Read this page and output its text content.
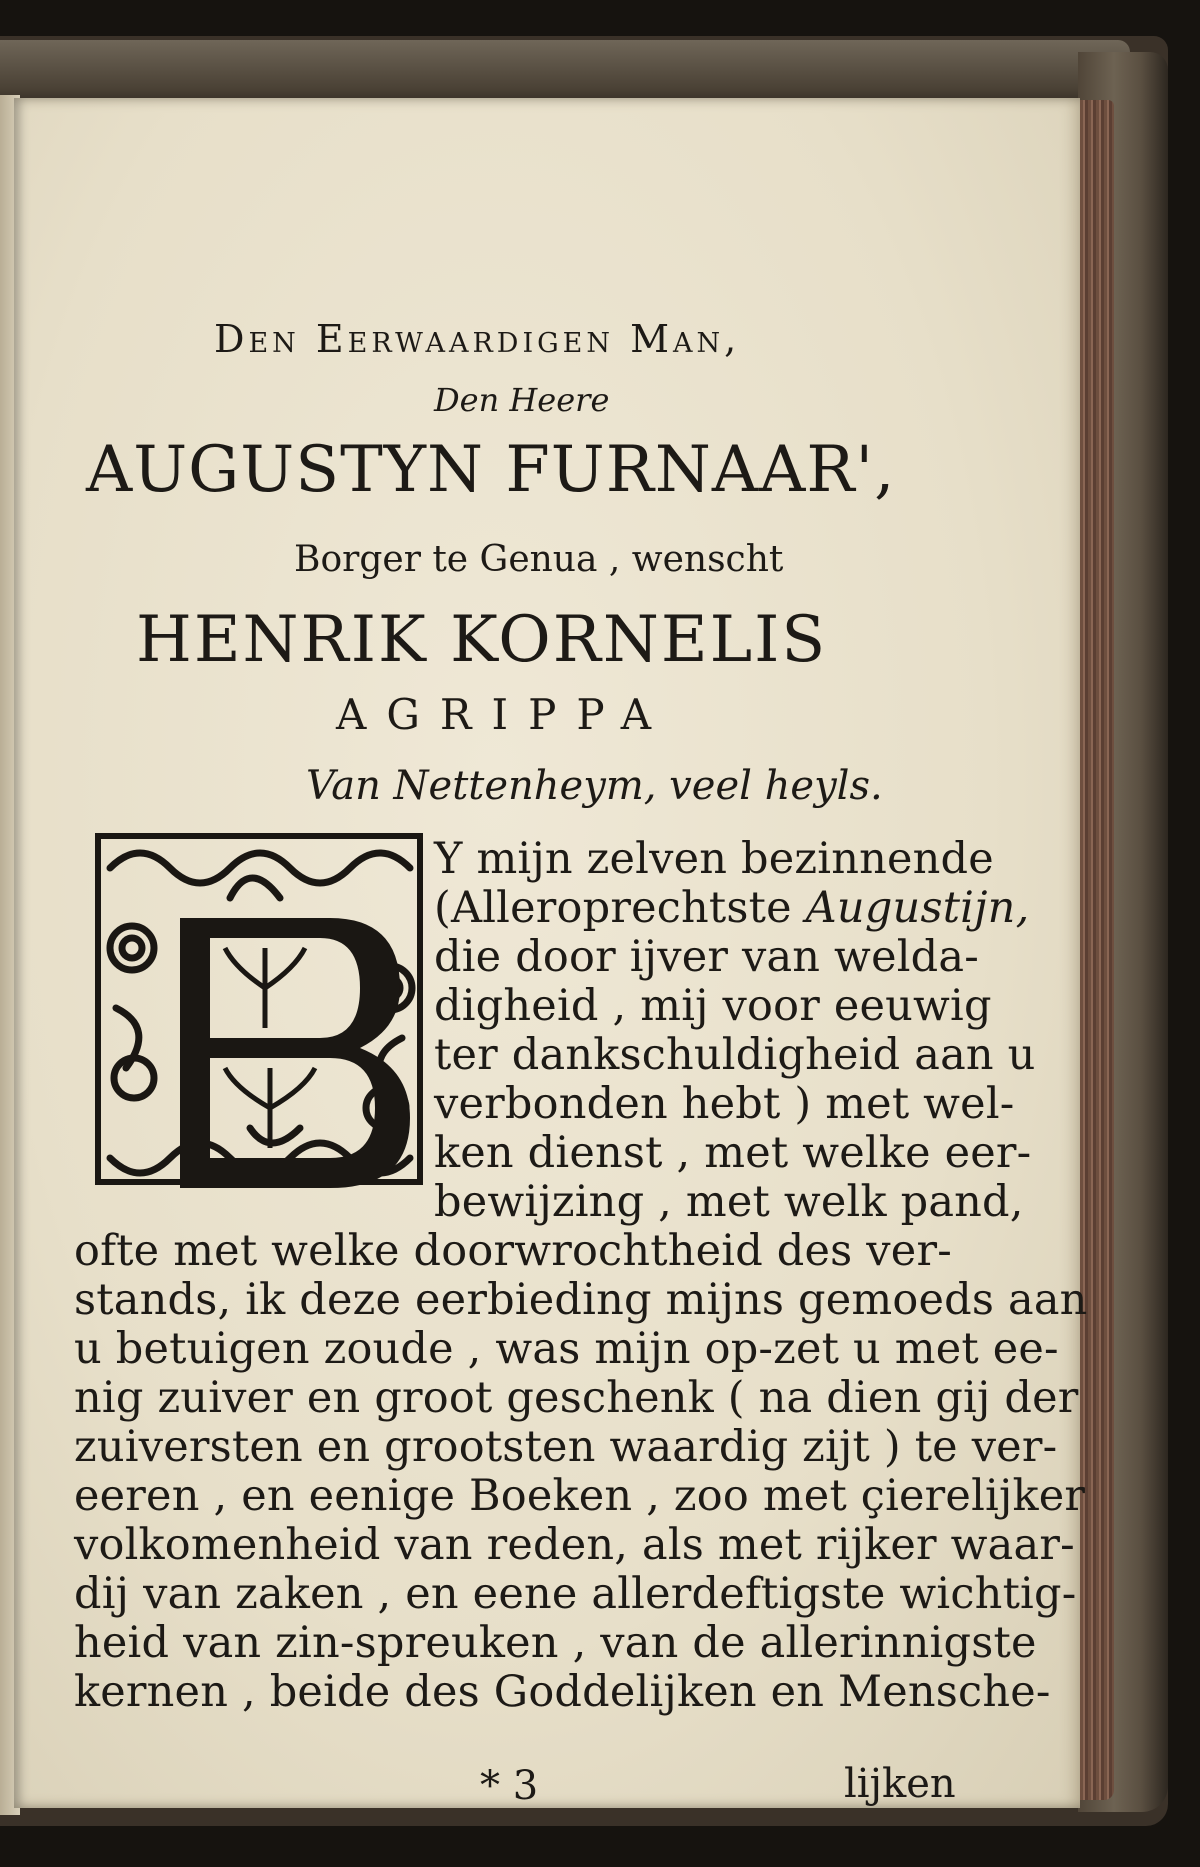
Den Eerwaardigen Man,
Den Heere
AUGUSTYN FURNAAR',
Borger te Genua , wenscht
HENRIK KORNELIS
AGRIPPA
Van Nettenheym, veel heyls.
Y mijn zelven bezinnende
(Alleroprechtste Augustijn,
die door ijver van welda-
digheid , mij voor eeuwig
ter dankschuldigheid aan u
verbonden hebt ) met wel-
ken dienst , met welke eer-
bewijzing , met welk pand,
ofte met welke doorwrochtheid des ver-
stands, ik deze eerbieding mijns gemoeds aan
u betuigen zoude , was mijn op-zet u met ee-
nig zuiver en groot geschenk ( na dien gij der
zuiversten en grootsten waardig zijt ) te ver-
eeren , en eenige Boeken , zoo met çierelijker
volkomenheid van reden, als met rijker waar-
dij van zaken , en eene allerdeftigste wichtig-
heid van zin-spreuken , van de allerinnigste
kernen , beide des Goddelijken en Mensche-
* 3	lijken
